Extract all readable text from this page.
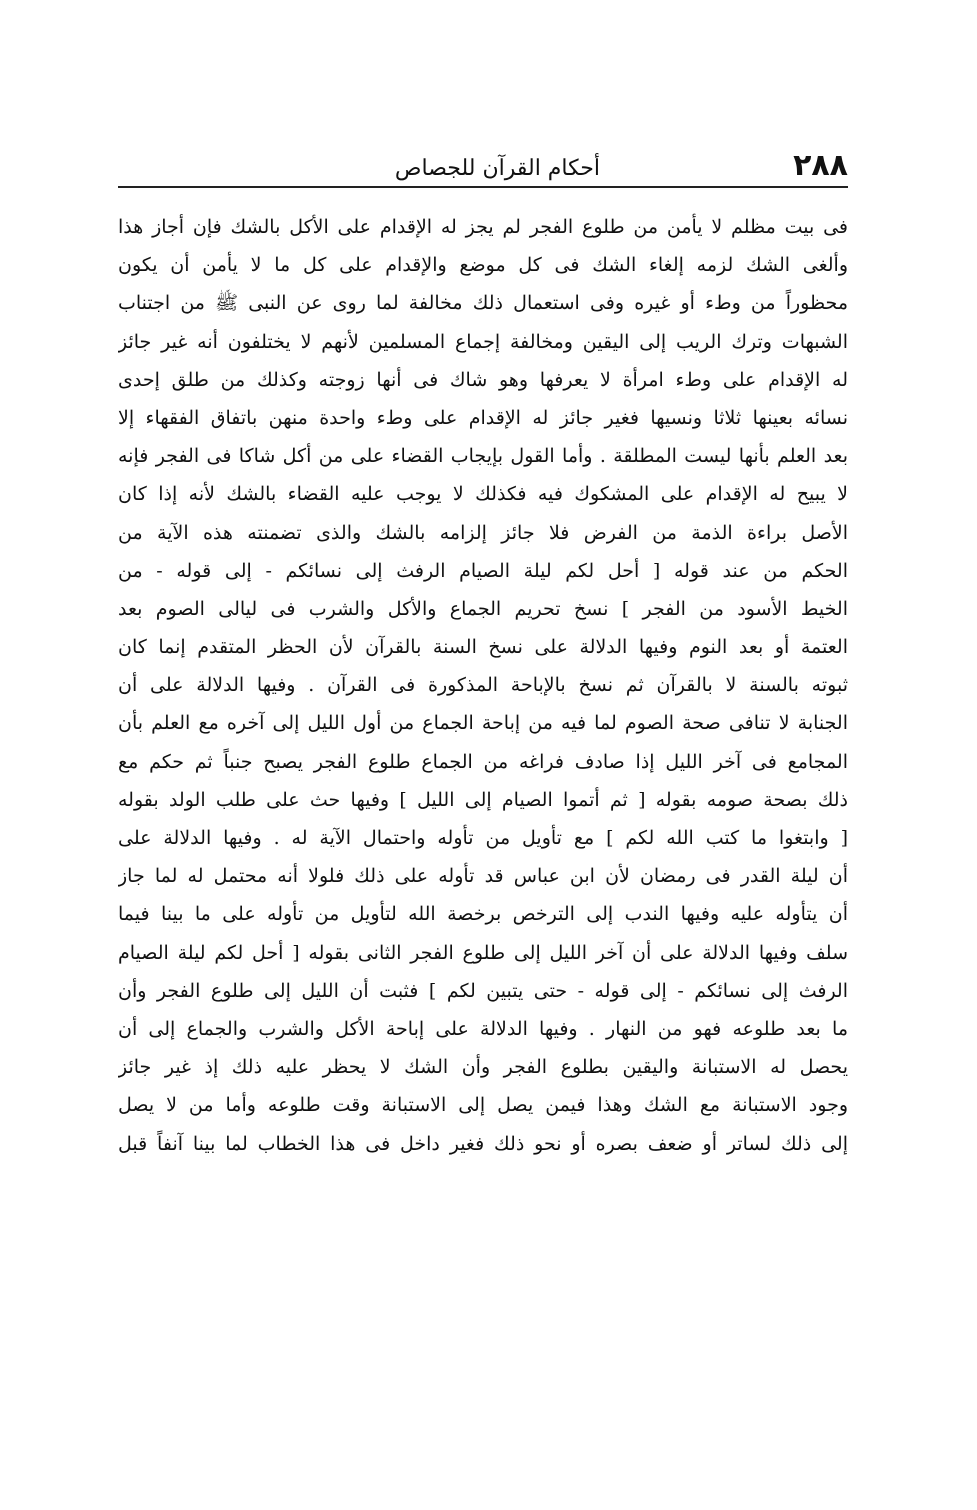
٢٨٨
أحكام القرآن للجصاص
فى بيت مظلم لا يأمن من طلوع الفجر لم يجز له الإقدام على الأكل بالشك فإن أجاز هذا
وألغى الشك لزمه إلغاء الشك فى كل موضع والإقدام على كل ما لا يأمن أن يكون
محظوراً من وطء أو غيره وفى استعمال ذلك مخالفة لما روى عن النبى ﷺ من اجتناب
الشبهات وترك الريب إلى اليقين ومخالفة إجماع المسلمين لأنهم لا يختلفون أنه غير جائز
له الإقدام على وطء امرأة لا يعرفها وهو شاك فى أنها زوجته وكذلك من طلق إحدى
نسائه بعينها ثلاثا ونسيها فغير جائز له الإقدام على وطء واحدة منهن باتفاق الفقهاء إلا
بعد العلم بأنها ليست المطلقة . وأما القول بإيجاب القضاء على من أكل شاكا فى الفجر فإنه
لا يبيح له الإقدام على المشكوك فيه فكذلك لا يوجب عليه القضاء بالشك لأنه إذا كان
الأصل براءة الذمة من الفرض فلا جائز إلزامه بالشك والذى تضمنته هذه الآية من
الحكم من عند قوله [ أحل لكم ليلة الصيام الرفث إلى نسائكم - إلى قوله - من
الخيط الأسود من الفجر ] نسخ تحريم الجماع والأكل والشرب فى ليالى الصوم بعد
العتمة أو بعد النوم وفيها الدلالة على نسخ السنة بالقرآن لأن الحظر المتقدم إنما كان
ثبوته بالسنة لا بالقرآن ثم نسخ بالإباحة المذكورة فى القرآن . وفيها الدلالة على أن
الجنابة لا تنافى صحة الصوم لما فيه من إباحة الجماع من أول الليل إلى آخره مع العلم بأن
المجامع فى آخر الليل إذا صادف فراغه من الجماع طلوع الفجر يصبح جنباً ثم حكم مع
ذلك بصحة صومه بقوله [ ثم أتموا الصيام إلى الليل ] وفيها حث على طلب الولد بقوله
[ وابتغوا ما كتب الله لكم ] مع تأويل من تأوله واحتمال الآية له . وفيها الدلالة على
أن ليلة القدر فى رمضان لأن ابن عباس قد تأوله على ذلك فلولا أنه محتمل له لما جاز
أن يتأوله عليه وفيها الندب إلى الترخص برخصة الله لتأويل من تأوله على ما بينا فيما
سلف وفيها الدلالة على أن آخر الليل إلى طلوع الفجر الثانى بقوله [ أحل لكم ليلة الصيام
الرفث إلى نسائكم - إلى قوله - حتى يتبين لكم ] فثبت أن الليل إلى طلوع الفجر وأن
ما بعد طلوعه فهو من النهار . وفيها الدلالة على إباحة الأكل والشرب والجماع إلى أن
يحصل له الاستبانة واليقين بطلوع الفجر وأن الشك لا يحظر عليه ذلك إذ غير جائز
وجود الاستبانة مع الشك وهذا فيمن يصل إلى الاستبانة وقت طلوعه وأما من لا يصل
إلى ذلك لساتر أو ضعف بصره أو نحو ذلك فغير داخل فى هذا الخطاب لما بينا آنفاً قبل
